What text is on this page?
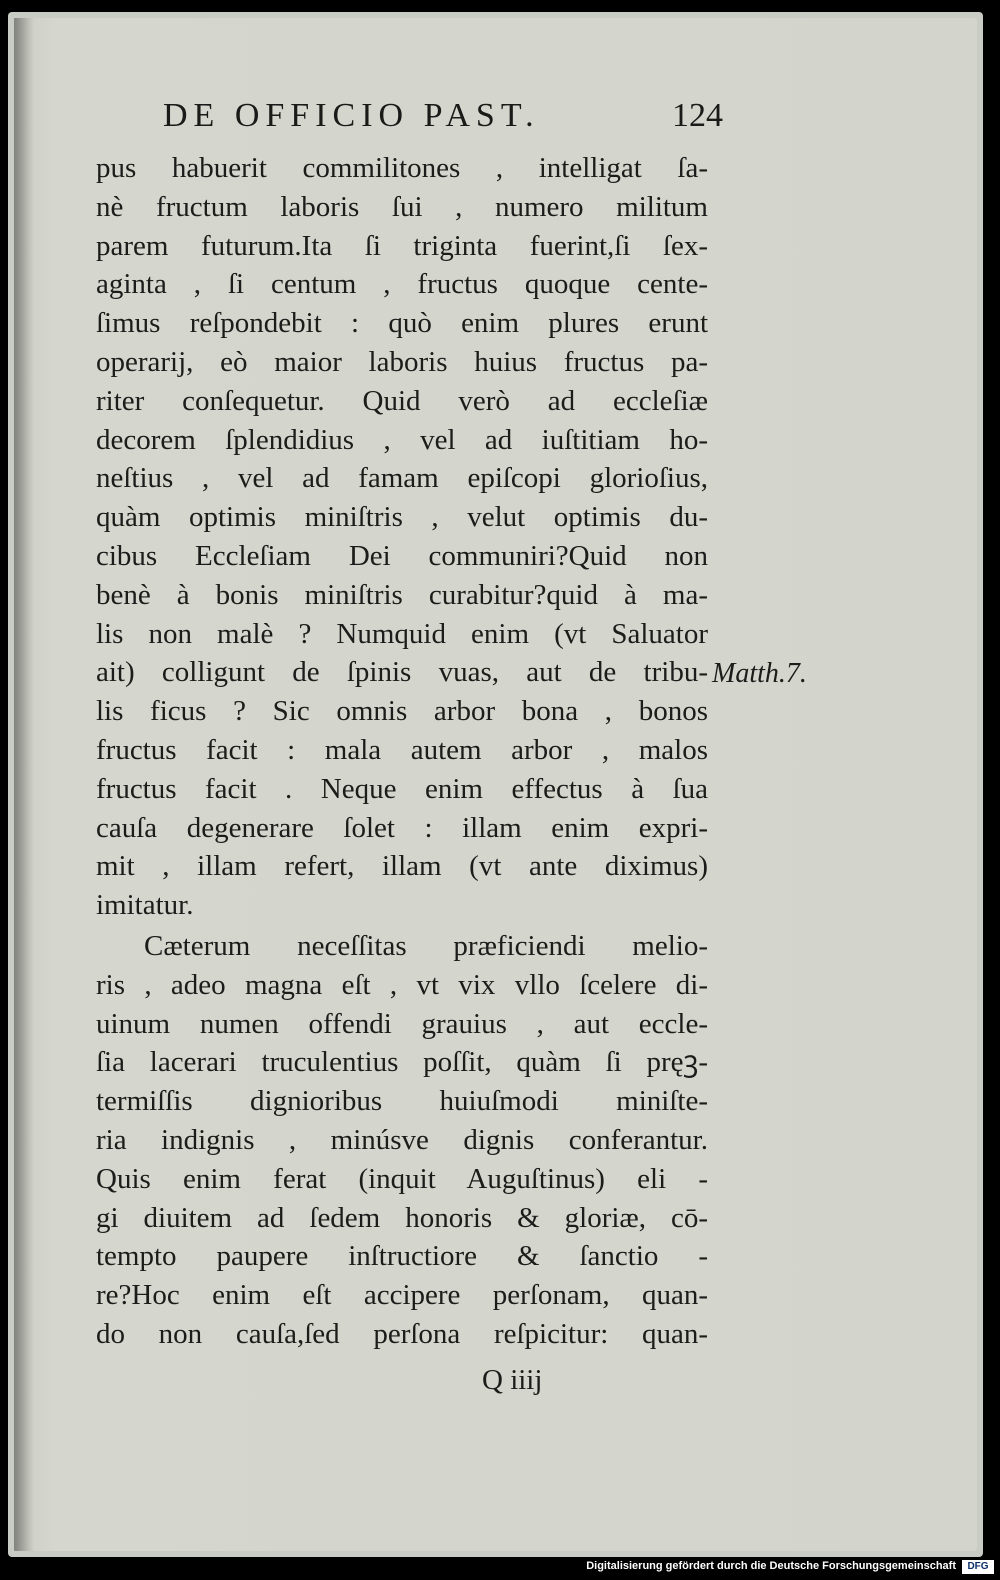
DE OFFICIO PAST.	124
pus habuerit commilitones , intelligat ſa-
nè fructum laboris ſui , numero militum
parem futurum.Ita ſi triginta fuerint,ſi ſex-
aginta , ſi centum , fructus quoque cente-
ſimus reſpondebit : quò enim plures erunt
operarij, eò maior laboris huius fructus pa-
riter conſequetur. Quid verò ad eccleſiæ
decorem ſplendidius , vel ad iuſtitiam ho-
neſtius , vel ad famam epiſcopi glorioſius,
quàm optimis miniſtris , velut optimis du-
cibus Eccleſiam Dei communiri?Quid non
benè à bonis miniſtris curabitur?quid à ma-
lis non malè ? Numquid enim (vt Saluator
ait) colligunt de ſpinis vuas, aut de tribu-
lis ficus ? Sic omnis arbor bona , bonos
fructus facit : mala autem arbor , malos
fructus facit . Neque enim effectus à ſua
cauſa degenerare ſolet : illam enim expri-
mit , illam refert, illam (vt ante diximus)
imitatur.
Cæterum neceſſitas præficiendi melio-
ris , adeo magna eſt , vt vix vllo ſcelere di-
uinum numen offendi grauius , aut eccle-
ſia lacerari truculentius poſſit, quàm ſi pręꝫ-
termiſſis dignioribus huiuſmodi miniſte-
ria indignis , minúsve dignis conferantur.
Quis enim ferat (inquit Auguſtinus) eli -
gi diuitem ad ſedem honoris & gloriæ, cō-
tempto paupere inſtructiore & ſanctio -
re?Hoc enim eſt accipere perſonam, quan-
do non cauſa,ſed perſona reſpicitur: quan-
Matth.7.
Q iiij
Digitalisierung gefördert durch die Deutsche Forschungsgemeinschaft	DFG
